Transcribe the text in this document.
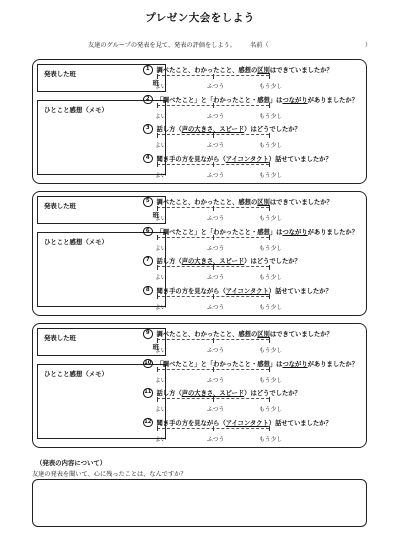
プレゼン大会をしよう
友達のグループの発表を見て、発表の評価をしよう。 名前（	）
発表した班
班
ひとこと感想（メモ）
1 調べたこと、わかったこと、感想の区別はできていましたか？
よい	ふつう	もう少し
2 「調べたこと」と「わかったこと・感想」はつながりがありましたか？
よい	ふつう	もう少し
3 話し方（声の大きさ、スピード）はどうでしたか？
よい	ふつう	もう少し
4 聞き手の方を見ながら（アイコンタクト）話せていましたか？
よい	ふつう	もう少し
発表した班
班
ひとこと感想（メモ）
5 調べたこと、わかったこと、感想の区別はできていましたか？
よい	ふつう	もう少し
6 「調べたこと」と「わかったこと・感想」はつながりがありましたか？
よい	ふつう	もう少し
7 話し方（声の大きさ、スピード）はどうでしたか？
よい	ふつう	もう少し
8 聞き手の方を見ながら（アイコンタクト）話せていましたか？
よい	ふつう	もう少し
発表した班
班
ひとこと感想（メモ）
9 調べたこと、わかったこと、感想の区別はできていましたか？
よい	ふつう	もう少し
10 「調べたこと」と「わかったこと・感想」はつながりがありましたか？
よい	ふつう	もう少し
11 話し方（声の大きさ、スピード）はどうでしたか？
よい	ふつう	もう少し
12 聞き手の方を見ながら（アイコンタクト）話せていましたか？
よい	ふつう	もう少し
（発表の内容について）
友達の発表を聞いて、心に残ったことは、なんですか？
